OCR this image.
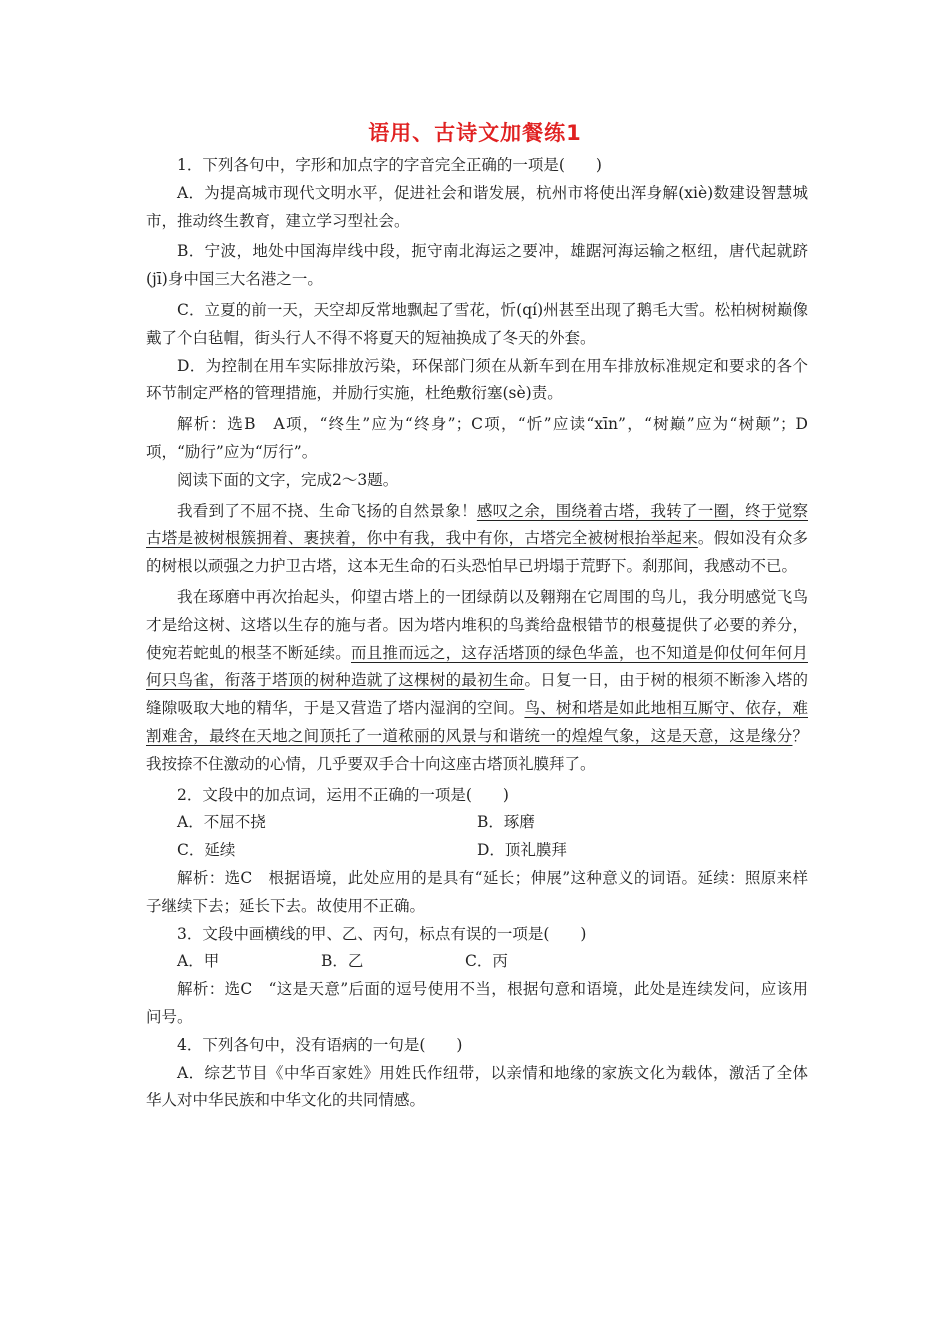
语用、古诗文加餐练1

1．下列各句中，字形和加点字的字音完全正确的一项是(　　)

A．为提高城市现代文明水平，促进社会和谐发展，杭州市将使出浑身解(xiè)数建设智慧城市，推动终生教育，建立学习型社会。

B．宁波，地处中国海岸线中段，扼守南北海运之要冲，雄踞河海运输之枢纽，唐代起就跻(jī)身中国三大名港之一。

C．立夏的前一天，天空却反常地飘起了雪花，忻(qí)州甚至出现了鹅毛大雪。松柏树树巅像戴了个白毡帽，街头行人不得不将夏天的短袖换成了冬天的外套。

D．为控制在用车实际排放污染，环保部门须在从新车到在用车排放标准规定和要求的各个环节制定严格的管理措施，并励行实施，杜绝敷衍塞(sè)责。

解析：选B　A项，“终生”应为“终身”；C项，“忻”应读“xīn”，“树巅”应为“树颠”；D项，“励行”应为“厉行”。

阅读下面的文字，完成2～3题。

我看到了不屈不挠、生命飞扬的自然景象！感叹之余，围绕着古塔，我转了一圈，终于觉察古塔是被树根簇拥着、裹挟着，你中有我，我中有你，古塔完全被树根抬举起来。假如没有众多的树根以顽强之力护卫古塔，这本无生命的石头恐怕早已坍塌于荒野下。刹那间，我感动不已。

我在琢磨中再次抬起头，仰望古塔上的一团绿荫以及翱翔在它周围的鸟儿，我分明感觉飞鸟才是给这树、这塔以生存的施与者。因为塔内堆积的鸟粪给盘根错节的根蔓提供了必要的养分，使宛若蛇虬的根茎不断延续。而且推而远之，这存活塔顶的绿色华盖，也不知道是仰仗何年何月何只鸟雀，衔落于塔顶的树种造就了这棵树的最初生命。日复一日，由于树的根须不断渗入塔的缝隙吸取大地的精华，于是又营造了塔内湿润的空间。鸟、树和塔是如此地相互厮守、依存，难割难舍，最终在天地之间顶托了一道秾丽的风景与和谐统一的煌煌气象，这是天意，这是缘分？我按捺不住激动的心情，几乎要双手合十向这座古塔顶礼膜拜了。

2．文段中的加点词，运用不正确的一项是(　　)

A．不屈不挠	B．琢磨
C．延续	D．顶礼膜拜

解析：选C　根据语境，此处应用的是具有“延长；伸展”这种意义的词语。延续：照原来样子继续下去；延长下去。故使用不正确。

3．文段中画横线的甲、乙、丙句，标点有误的一项是(　　)

A．甲	B．乙	C．丙

解析：选C　“这是天意”后面的逗号使用不当，根据句意和语境，此处是连续发问，应该用问号。

4．下列各句中，没有语病的一句是(　　)

A．综艺节目《中华百家姓》用姓氏作纽带，以亲情和地缘的家族文化为载体，激活了全体华人对中华民族和中华文化的共同情感。
